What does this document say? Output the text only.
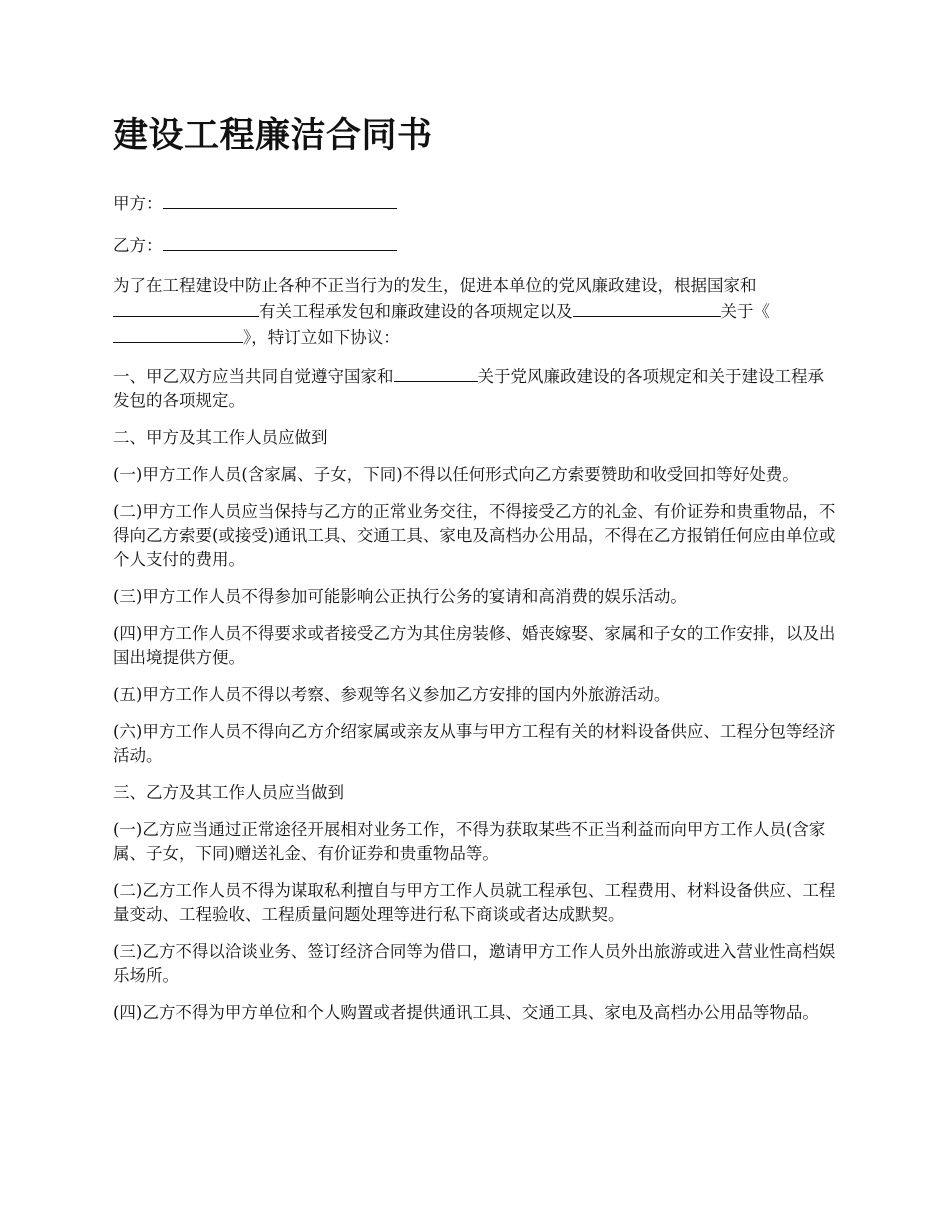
建设工程廉洁合同书

甲方：

乙方：

为了在工程建设中防止各种不正当行为的发生，促进本单位的党风廉政建设，根据国家和有关工程承发包和廉政建设的各项规定以及	关于《》，特订立如下协议：

一、甲乙双方应当共同自觉遵守国家和	关于党风廉政建设的各项规定和关于建设工程承发包的各项规定。

二、甲方及其工作人员应做到

(一)甲方工作人员(含家属、子女，下同)不得以任何形式向乙方索要赞助和收受回扣等好处费。

(二)甲方工作人员应当保持与乙方的正常业务交往，不得接受乙方的礼金、有价证券和贵重物品，不得向乙方索要(或接受)通讯工具、交通工具、家电及高档办公用品，不得在乙方报销任何应由单位或个人支付的费用。

(三)甲方工作人员不得参加可能影响公正执行公务的宴请和高消费的娱乐活动。

(四)甲方工作人员不得要求或者接受乙方为其住房装修、婚丧嫁娶、家属和子女的工作安排，以及出国出境提供方便。

(五)甲方工作人员不得以考察、参观等名义参加乙方安排的国内外旅游活动。

(六)甲方工作人员不得向乙方介绍家属或亲友从事与甲方工程有关的材料设备供应、工程分包等经济活动。

三、乙方及其工作人员应当做到

(一)乙方应当通过正常途径开展相对业务工作，不得为获取某些不正当利益而向甲方工作人员(含家属、子女，下同)赠送礼金、有价证券和贵重物品等。

(二)乙方工作人员不得为谋取私利擅自与甲方工作人员就工程承包、工程费用、材料设备供应、工程量变动、工程验收、工程质量问题处理等进行私下商谈或者达成默契。

(三)乙方不得以洽谈业务、签订经济合同等为借口，邀请甲方工作人员外出旅游或进入营业性高档娱乐场所。

(四)乙方不得为甲方单位和个人购置或者提供通讯工具、交通工具、家电及高档办公用品等物品。
